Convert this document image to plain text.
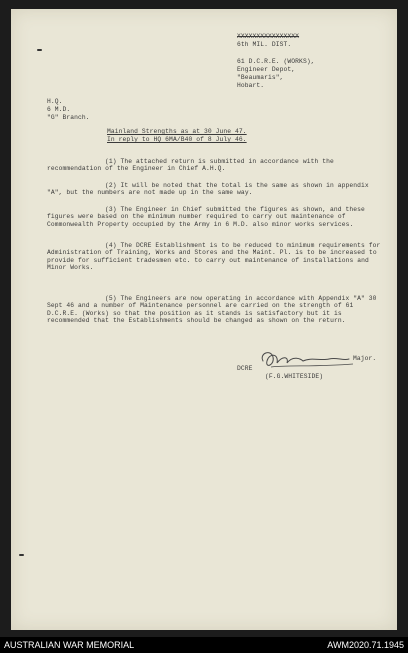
XXXXXXXXXXXXXXXX
6th MIL. DIST.
61 D.C.R.E. (WORKS),
Engineer Depot,
"Beaumaris",
Hobart.
H.Q.
6 M.D.
"G" Branch.
Mainland Strengths as at 30 June 47.
In reply to HQ 6MA/B40 of 8 July 46.
(1) The attached return is submitted in accordance with the recommendation of the Engineer in Chief A.H.Q.
(2) It will be noted that the total is the same as shown in appendix "A", but the numbers are not made up in the same way.
(3) The Engineer in Chief submitted the figures as shown, and these figures were based on the minimum number required to carry out maintenance of Commonwealth Property occupied by the Army in 6 M.D. also minor works services.
(4) The DCRE Establishment is to be reduced to minimum requirements for Administration of Training, Works and Stores and the Maint. Pl. is to be increased to provide for sufficient tradesmen etc. to carry out maintenance of installations and Minor Works.
(5) The Engineers are now operating in accordance with Appendix "A" 30 Sept 46 and a number of Maintenance personnel are carried on the strength of 61 D.C.R.E. (Works) so that the position as it stands is satisfactory but it is recommended that the Establishments should be changed as shown on the return.
Major.
DCRE
(F.G.WHITESIDE)
AUSTRALIAN WAR MEMORIAL	AWM2020.71.1945
